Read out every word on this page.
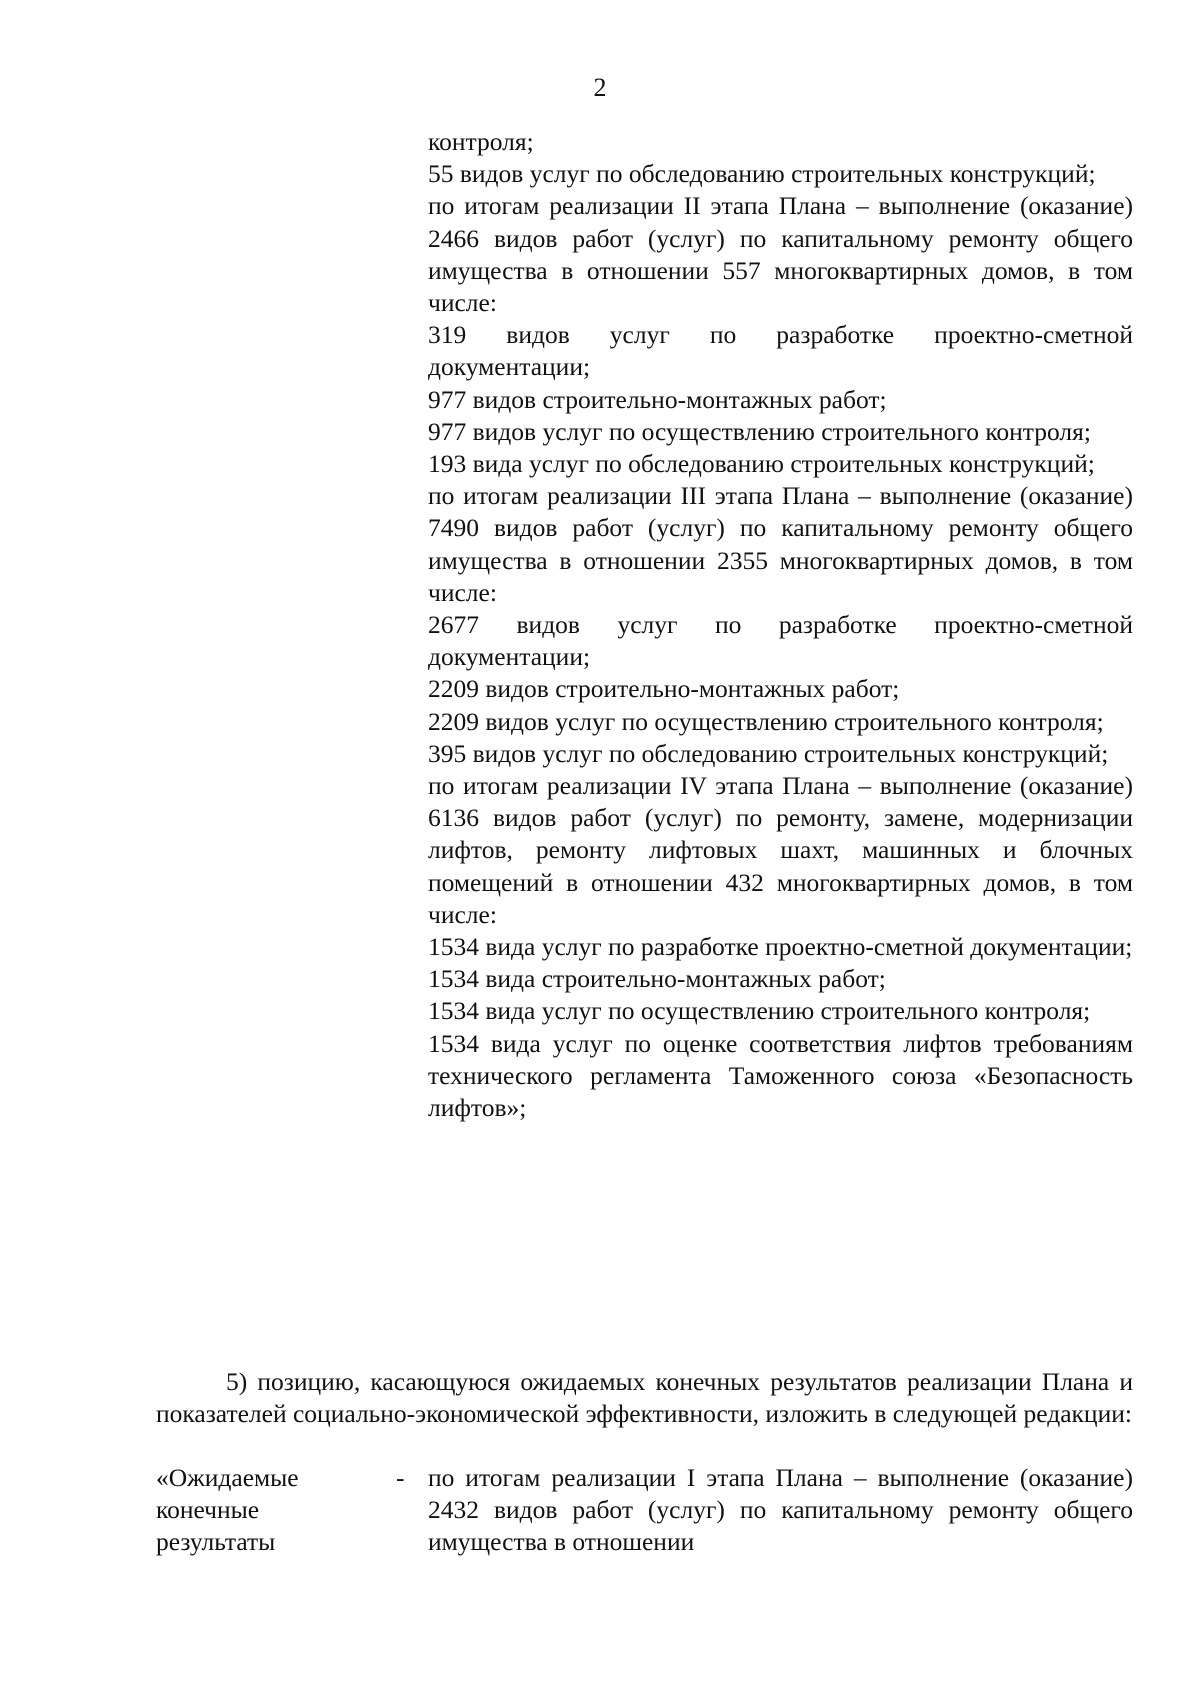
2

контроля;

55 видов услуг по обследованию строительных конструкций;

по итогам реализации II этапа Плана – выполнение (оказание) 2466 видов работ (услуг) по капитальному ремонту общего имущества в отношении 557 многоквартирных домов, в том числе:

319 видов услуг по разработке проектно-сметной документации;

977 видов строительно-монтажных работ;

977 видов услуг по осуществлению строительного контроля;

193 вида услуг по обследованию строительных конструкций;

по итогам реализации III этапа Плана – выполнение (оказание) 7490 видов работ (услуг) по капитальному ремонту общего имущества в отношении 2355 многоквартирных домов, в том числе:

2677 видов услуг по разработке проектно-сметной документации;

2209 видов строительно-монтажных работ;

2209 видов услуг по осуществлению строительного контроля;

395 видов услуг по обследованию строительных конструкций;

по итогам реализации IV этапа Плана – выполнение (оказание) 6136 видов работ (услуг) по ремонту, замене, модернизации лифтов, ремонту лифтовых шахт, машинных и блочных помещений в отношении 432 многоквартирных домов, в том числе:

1534 вида услуг по разработке проектно-сметной документации;

1534 вида строительно-монтажных работ;

1534 вида услуг по осуществлению строительного контроля;

1534 вида услуг по оценке соответствия лифтов требованиям технического регламента Таможенного союза «Безопасность лифтов»;

5) позицию, касающуюся ожидаемых конечных результатов реализации Плана и показателей социально-экономической эффективности, изложить в следующей редакции:

«Ожидаемые
конечные
результаты
- по итогам реализации I этапа Плана – выполнение (оказание) 2432 видов работ (услуг) по капитальному ремонту общего имущества в отношении
